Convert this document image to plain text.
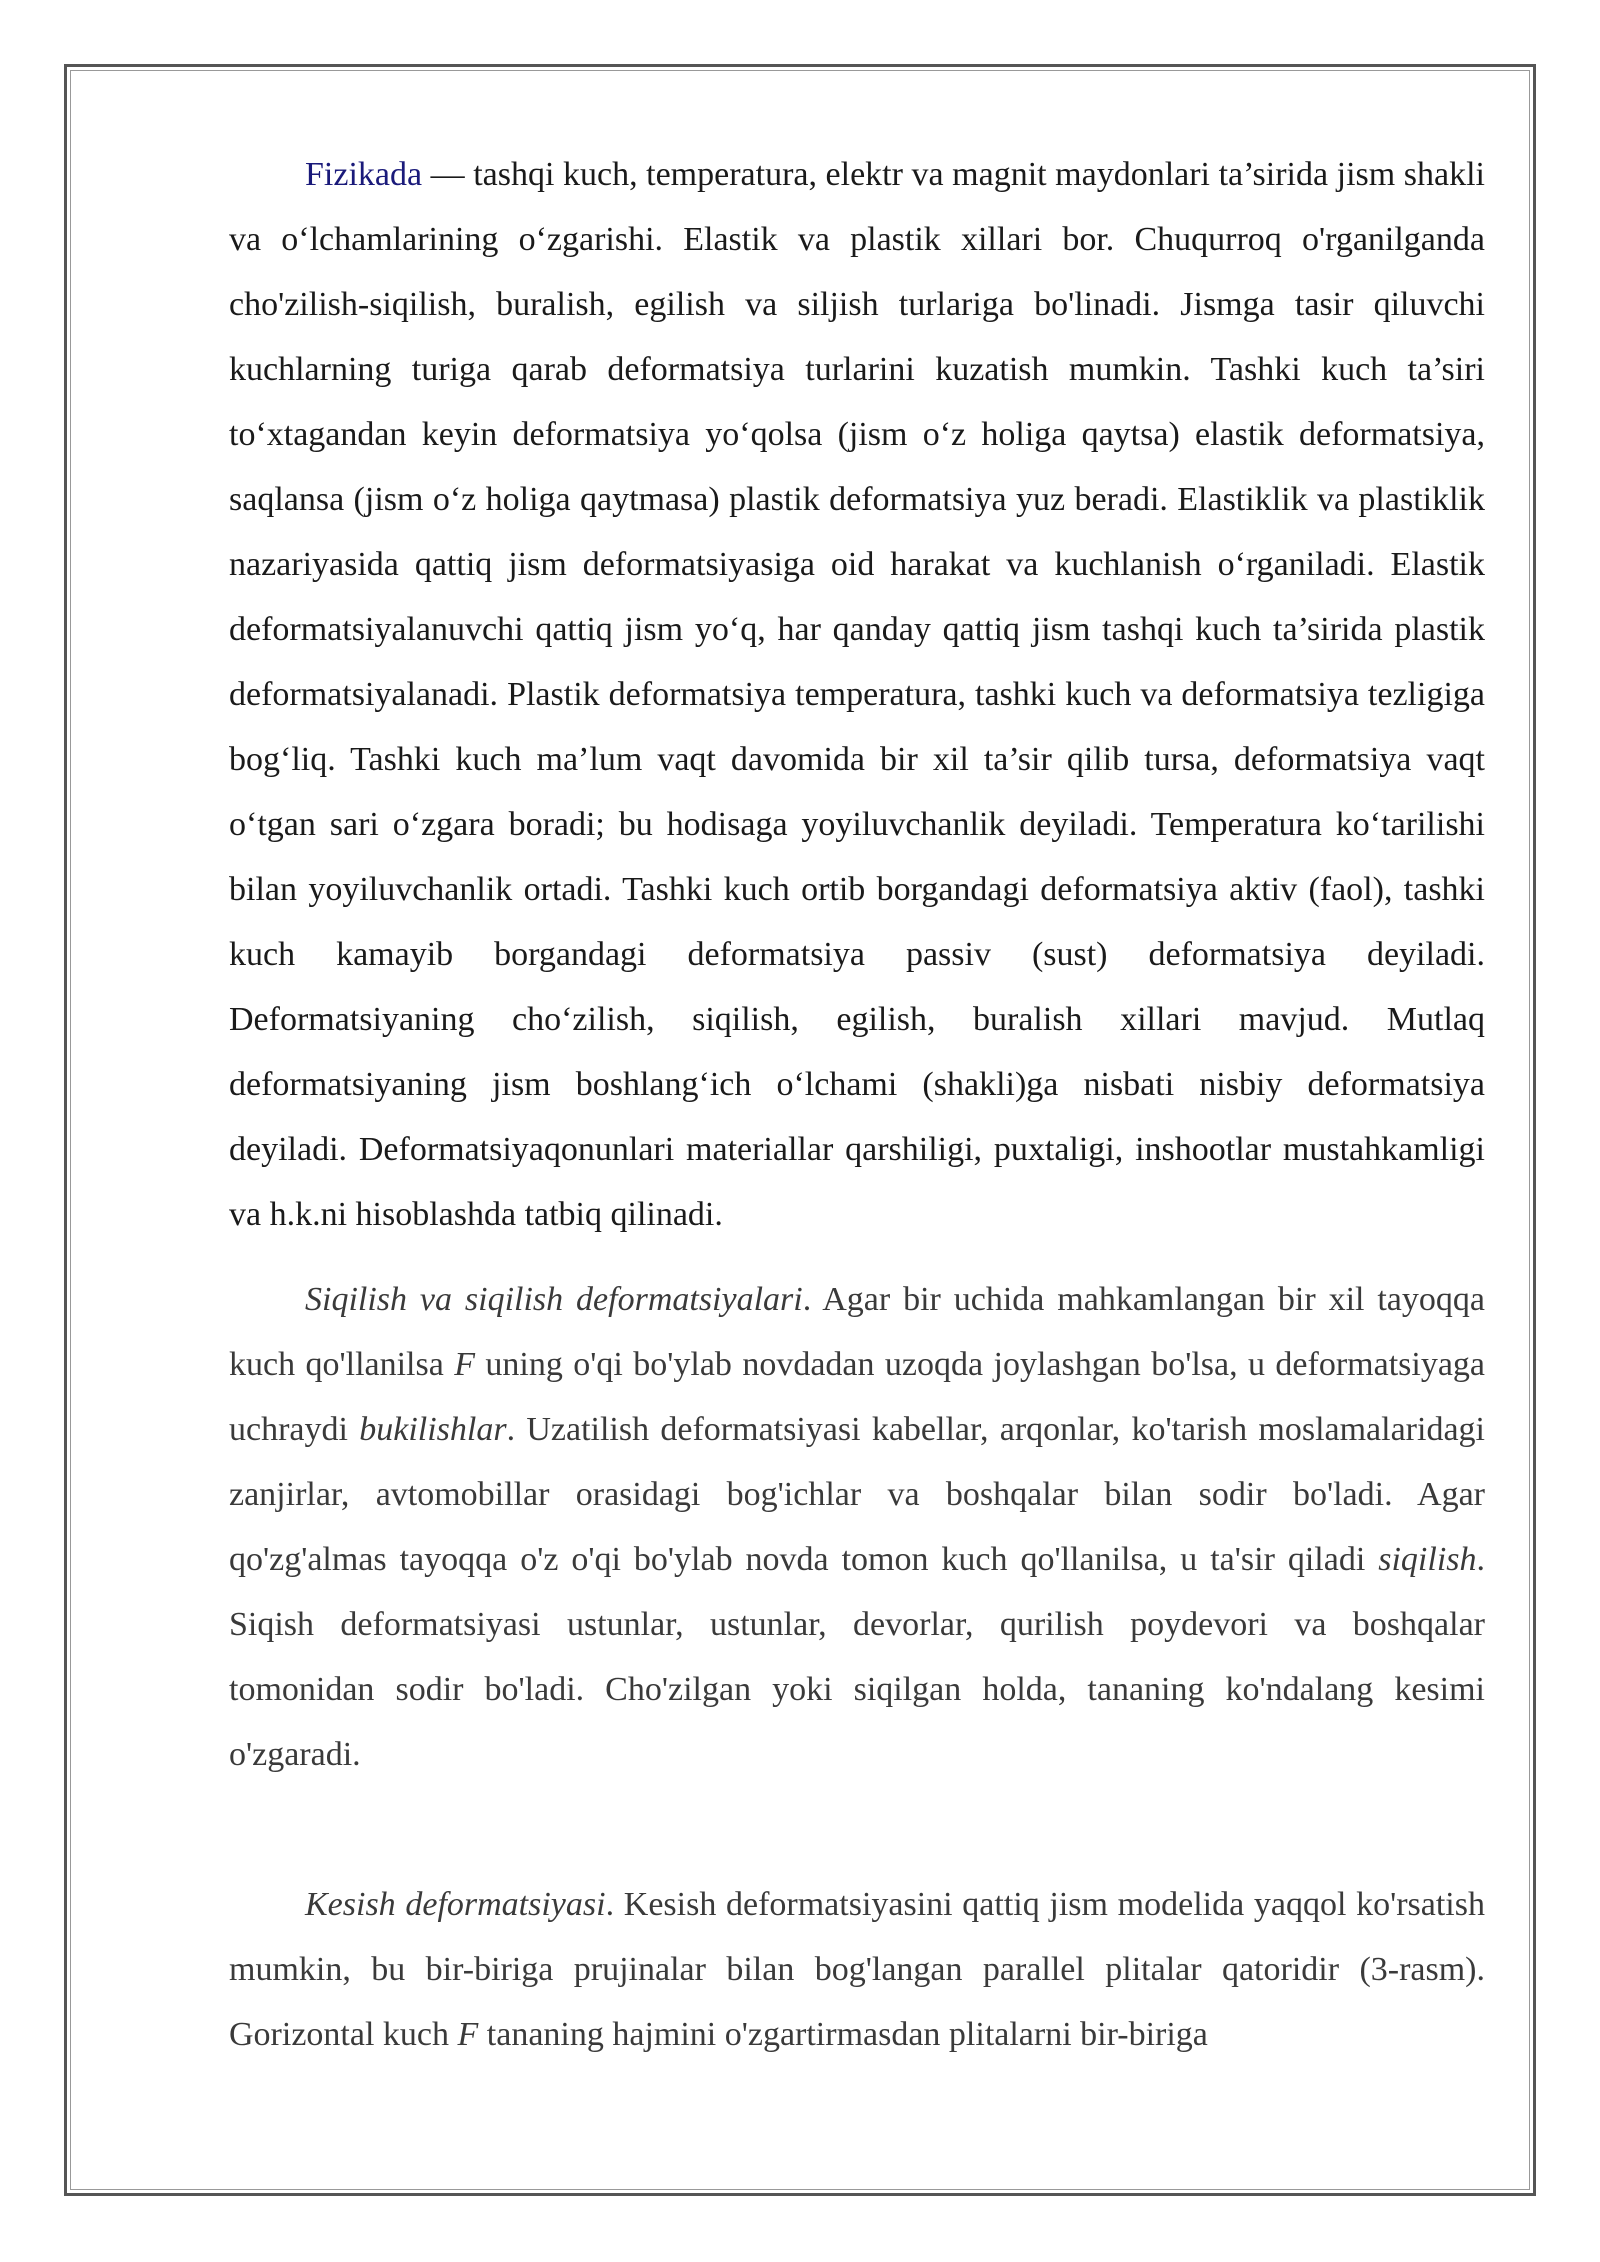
Fizikada — tashqi kuch, temperatura, elektr va magnit maydonlari ta’sirida jism shakli va o‘lchamlarining o‘zgarishi. Elastik va plastik xillari bor. Chuqurroq o'rganilganda cho'zilish-siqilish, buralish, egilish va siljish turlariga bo'linadi. Jismga tasir qiluvchi kuchlarning turiga qarab deformatsiya turlarini kuzatish mumkin. Tashki kuch ta’siri to‘xtagandan keyin deformatsiya yo‘qolsa (jism o‘z holiga qaytsa) elastik deformatsiya, saqlansa (jism o‘z holiga qaytmasa) plastik deformatsiya yuz beradi. Elastiklik va plastiklik nazariyasida qattiq jism deformatsiyasiga oid harakat va kuchlanish o‘rganiladi. Elastik deformatsiyalanuvchi qattiq jism yo‘q, har qanday qattiq jism tashqi kuch ta’sirida plastik deformatsiyalanadi. Plastik deformatsiya temperatura, tashki kuch va deformatsiya tezligiga bog‘liq. Tashki kuch ma’lum vaqt davomida bir xil ta’sir qilib tursa, deformatsiya vaqt o‘tgan sari o‘zgara boradi; bu hodisaga yoyiluvchanlik deyiladi. Temperatura ko‘tarilishi bilan yoyiluvchanlik ortadi. Tashki kuch ortib borgandagi deformatsiya aktiv (faol), tashki kuch kamayib borgandagi deformatsiya passiv (sust) deformatsiya deyiladi. Deformatsiyaning cho‘zilish, siqilish, egilish, buralish xillari mavjud. Mutlaq deformatsiyaning jism boshlang‘ich o‘lchami (shakli)ga nisbati nisbiy deformatsiya deyiladi. Deformatsiyaqonunlari materiallar qarshiligi, puxtaligi, inshootlar mustahkamligi va h.k.ni hisoblashda tatbiq qilinadi.

Siqilish va siqilish deformatsiyalari. Agar bir uchida mahkamlangan bir xil tayoqqa kuch qo'llanilsa F uning o'qi bo'ylab novdadan uzoqda joylashgan bo'lsa, u deformatsiyaga uchraydi bukilishlar. Uzatilish deformatsiyasi kabellar, arqonlar, ko'tarish moslamalaridagi zanjirlar, avtomobillar orasidagi bog'ichlar va boshqalar bilan sodir bo'ladi. Agar qo'zg'almas tayoqqa o'z o'qi bo'ylab novda tomon kuch qo'llanilsa, u ta'sir qiladi siqilish. Siqish deformatsiyasi ustunlar, ustunlar, devorlar, qurilish poydevori va boshqalar tomonidan sodir bo'ladi. Cho'zilgan yoki siqilgan holda, tananing ko'ndalang kesimi o'zgaradi.

Kesish deformatsiyasi. Kesish deformatsiyasini qattiq jism modelida yaqqol ko'rsatish mumkin, bu bir-biriga prujinalar bilan bog'langan parallel plitalar qatoridir (3-rasm). Gorizontal kuch F tananing hajmini o'zgartirmasdan plitalarni bir-biriga
